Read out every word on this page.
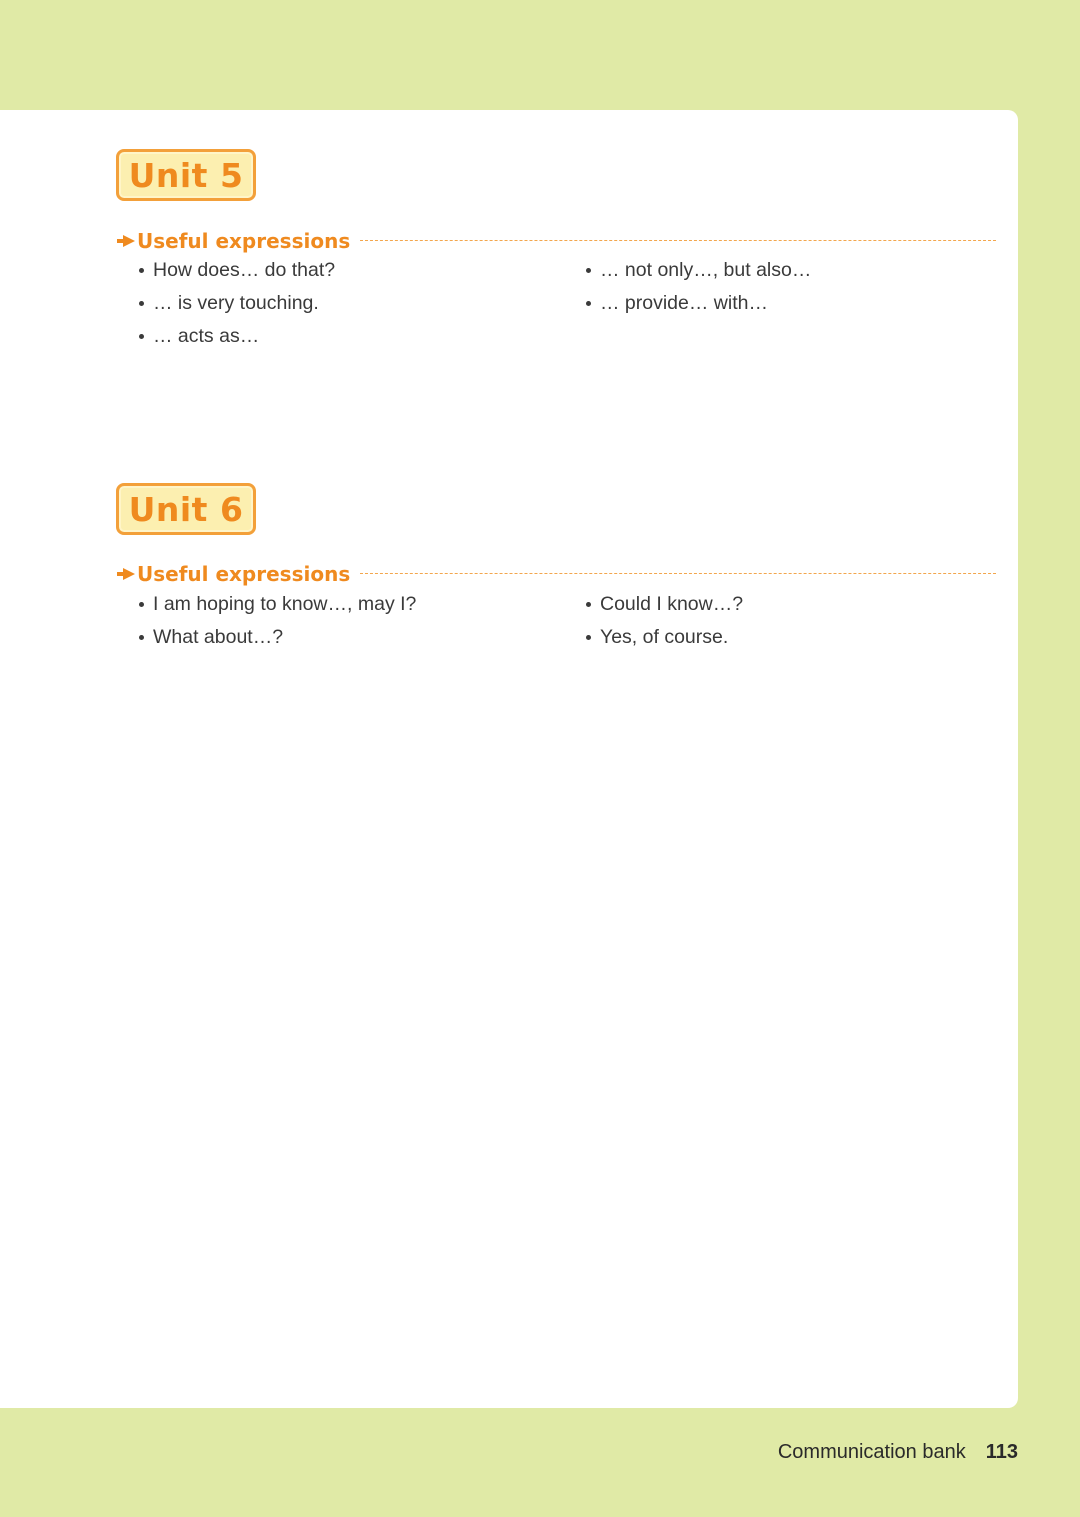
Unit 5
Useful expressions
How does… do that?
… is very touching.
… acts as…
… not only…, but also…
… provide… with…
Unit 6
Useful expressions
I am hoping to know…, may I?
What about…?
Could I know…?
Yes, of course.
Communication bank 113
